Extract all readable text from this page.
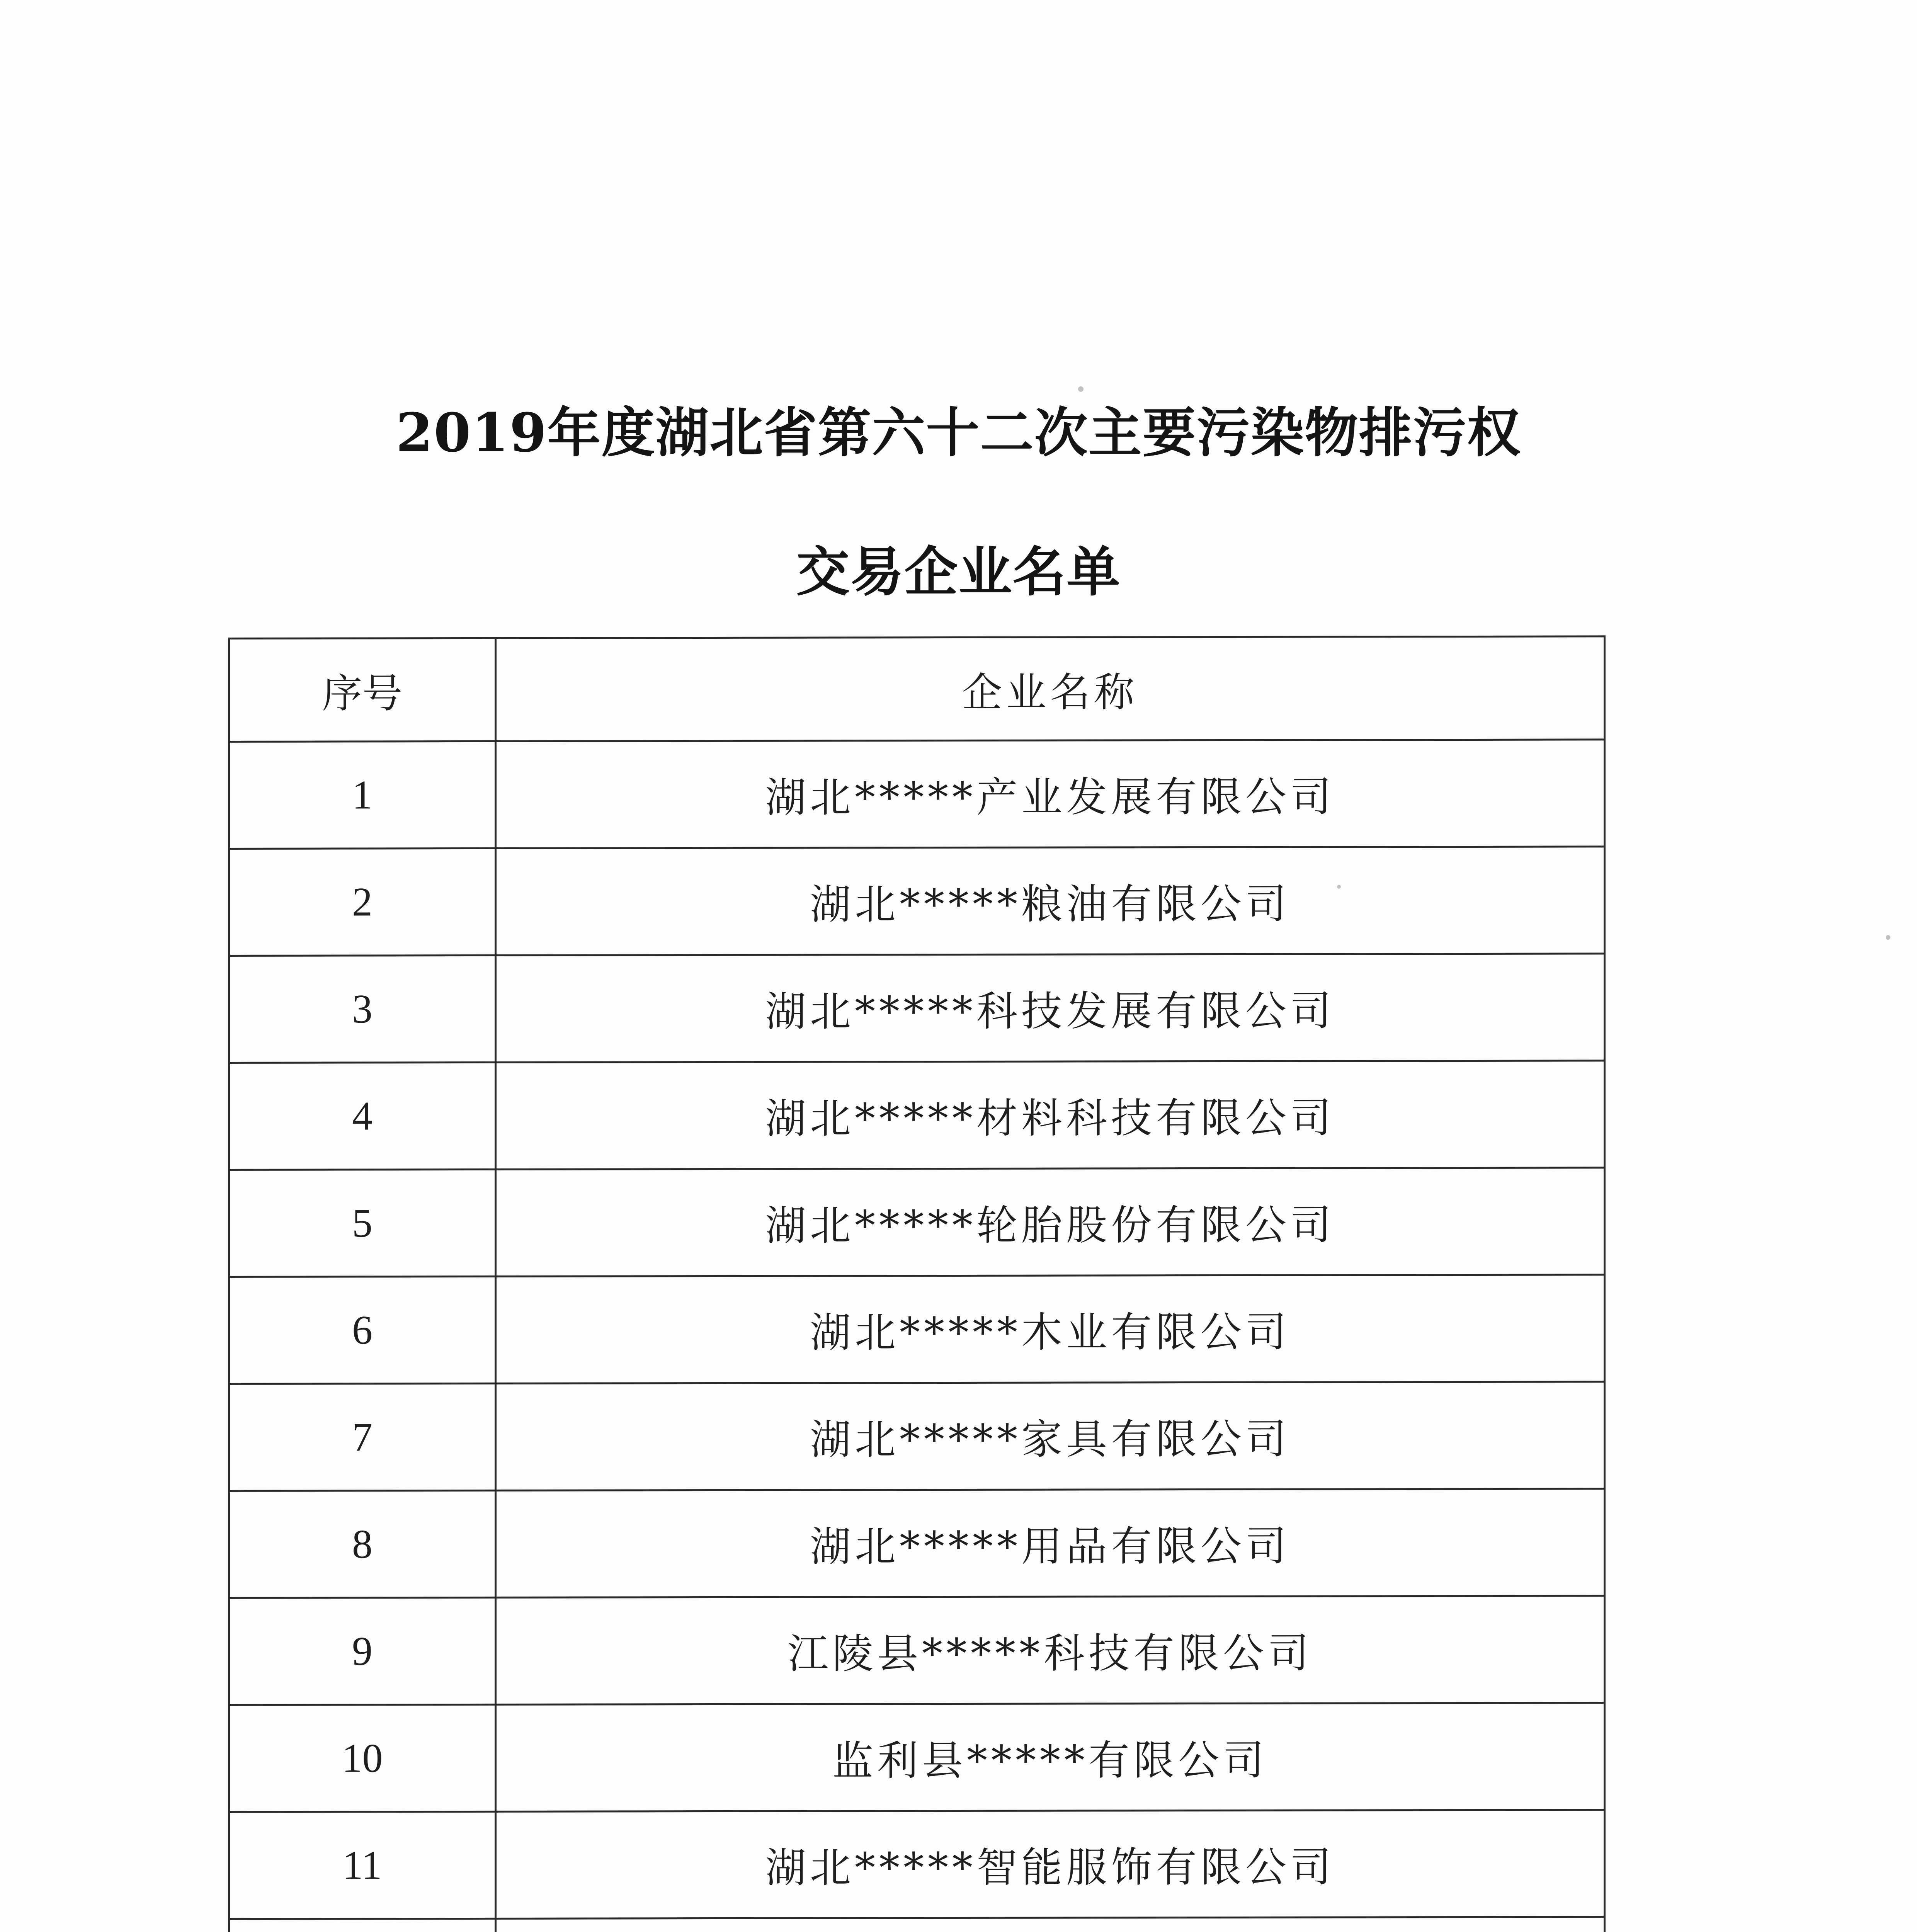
2019年度湖北省第六十二次主要污染物排污权
交易企业名单
序号	企业名称
1	湖北*****产业发展有限公司
2	湖北*****粮油有限公司
3	湖北*****科技发展有限公司
4	湖北*****材料科技有限公司
5	湖北*****轮胎股份有限公司
6	湖北*****木业有限公司
7	湖北*****家具有限公司
8	湖北*****用品有限公司
9	江陵县*****科技有限公司
10	监利县*****有限公司
11	湖北*****智能服饰有限公司
